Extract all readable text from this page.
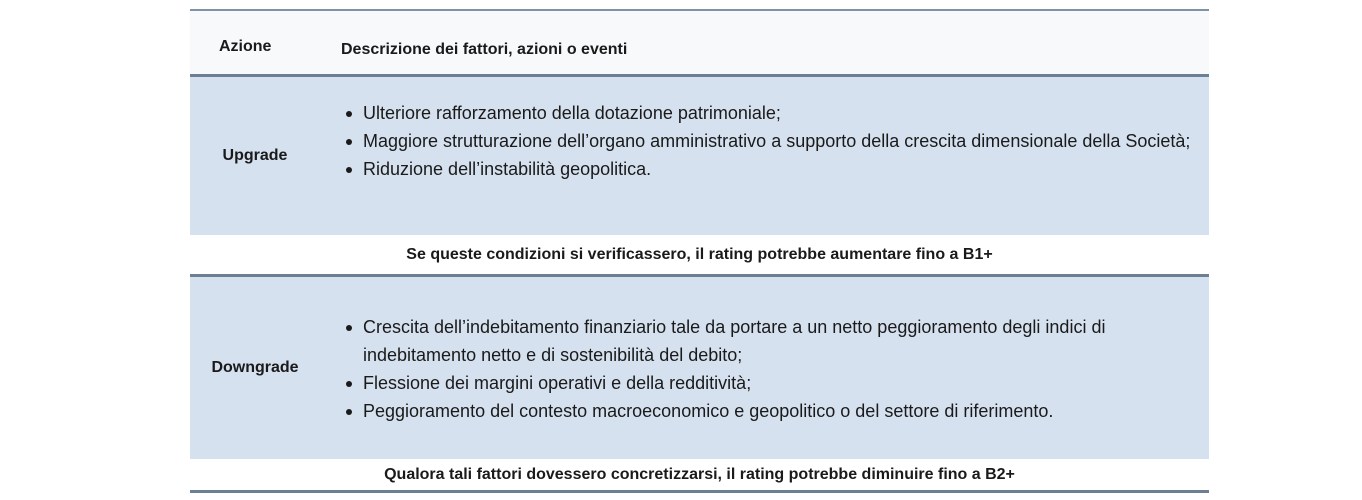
Azione	Descrizione dei fattori, azioni o eventi
Upgrade
Ulteriore rafforzamento della dotazione patrimoniale;
Maggiore strutturazione dell’organo amministrativo a supporto della crescita dimensionale della Società;
Riduzione dell’instabilità geopolitica.
Se queste condizioni si verificassero, il rating potrebbe aumentare fino a B1+
Downgrade
Crescita dell’indebitamento finanziario tale da portare a un netto peggioramento degli indici di indebitamento netto e di sostenibilità del debito;
Flessione dei margini operativi e della redditività;
Peggioramento del contesto macroeconomico e geopolitico o del settore di riferimento.
Qualora tali fattori dovessero concretizzarsi, il rating potrebbe diminuire fino a B2+
